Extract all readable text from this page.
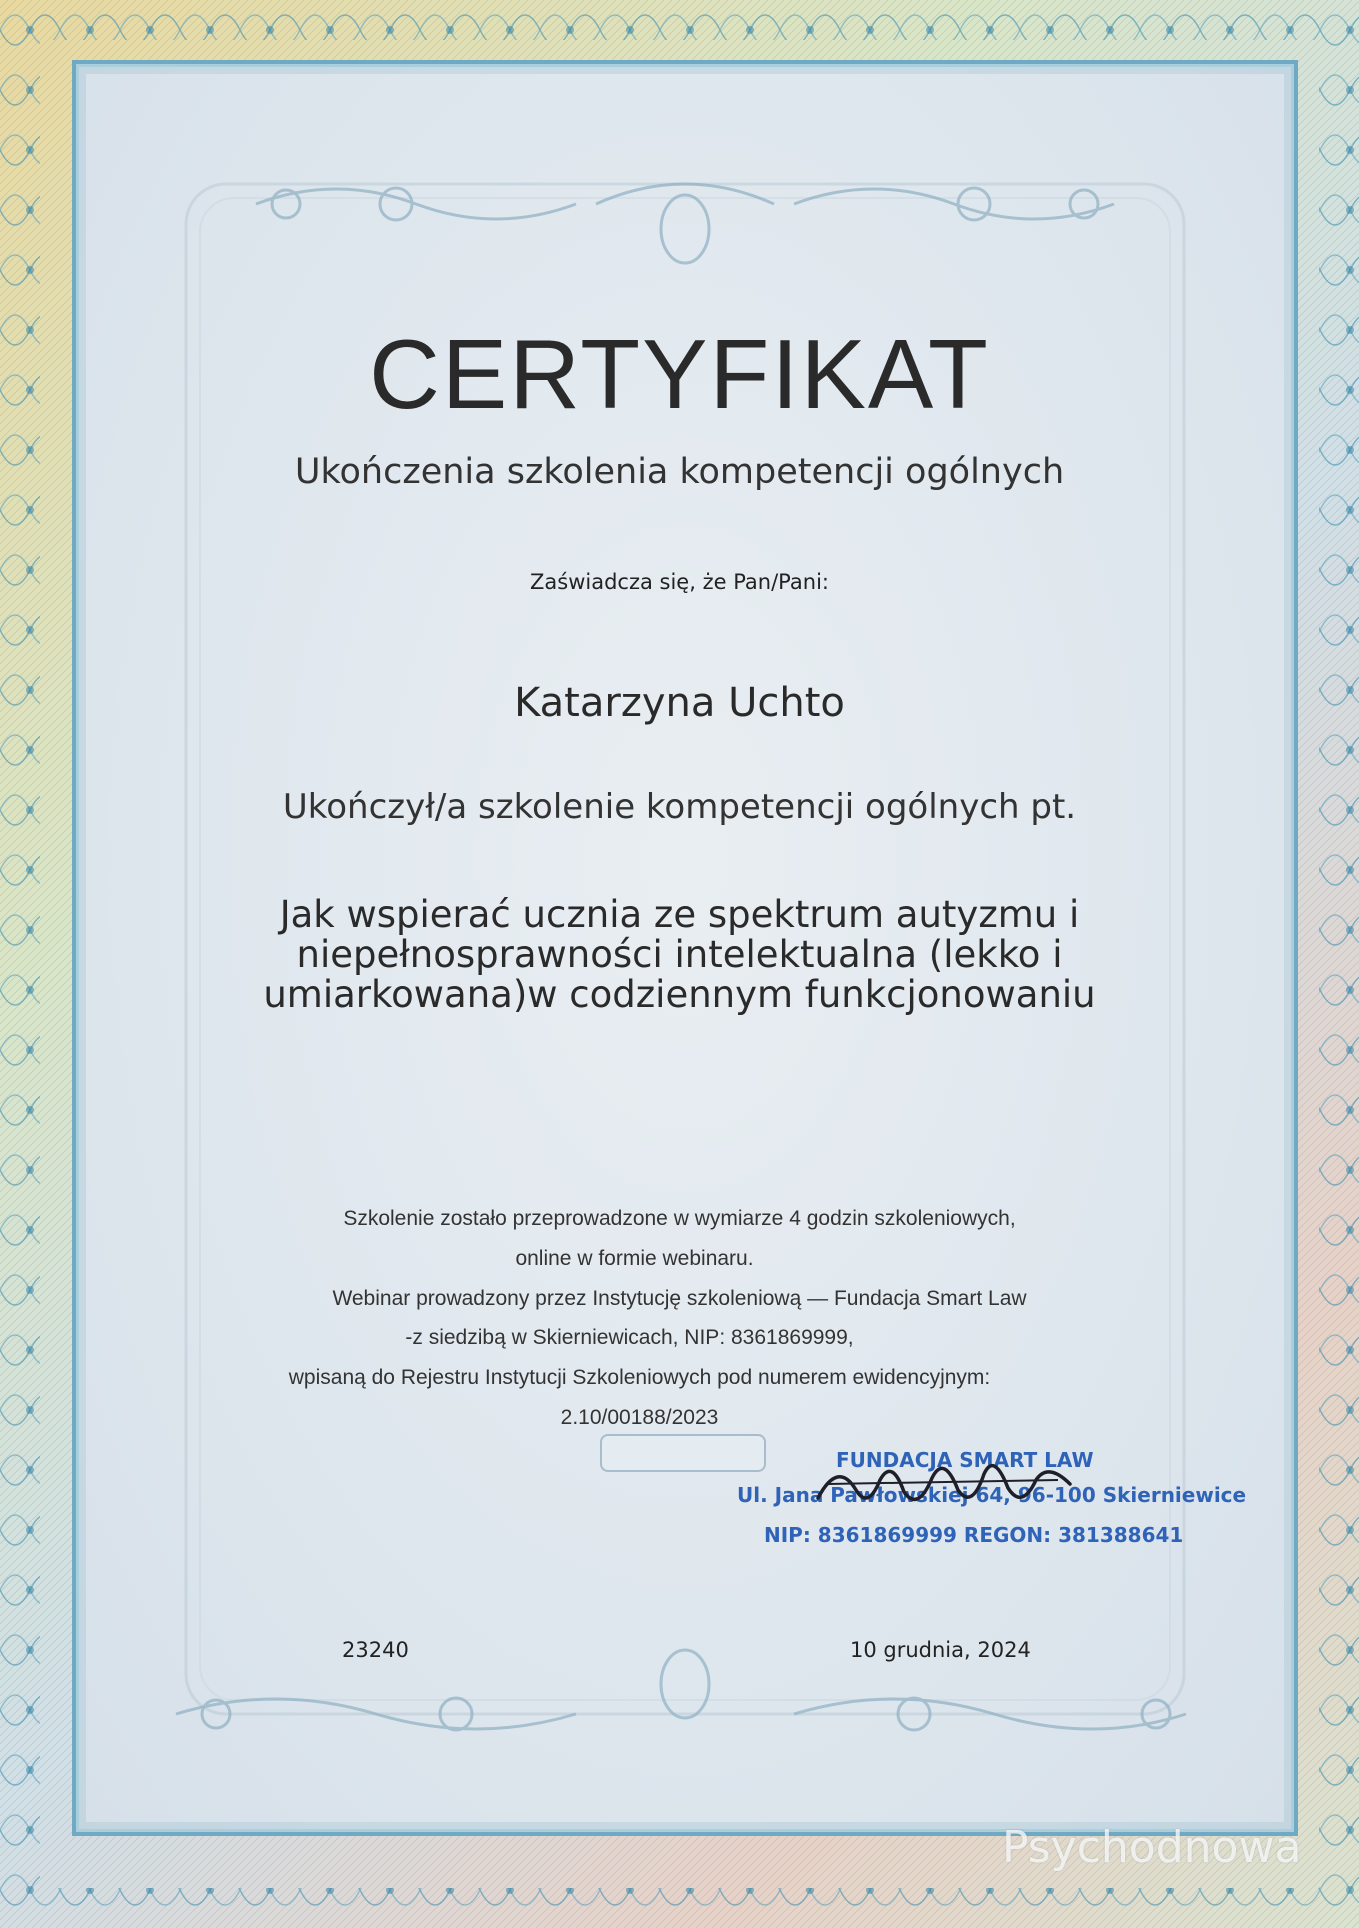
CERTYFIKAT
Ukończenia szkolenia kompetencji ogólnych
Zaświadcza się, że Pan/Pani:
Katarzyna Uchto
Ukończył/a szkolenie kompetencji ogólnych pt.
Jak wspierać ucznia ze spektrum autyzmu i
niepełnosprawności intelektualna (lekko i
umiarkowana)w codziennym funkcjonowaniu
Szkolenie zostało przeprowadzone w wymiarze 4 godzin szkoleniowych,
online w formie webinaru.
Webinar prowadzony przez Instytucję szkoleniową — Fundacja Smart Law
-z siedzibą w Skierniewicach, NIP: 8361869999,
wpisaną do Rejestru Instytucji Szkoleniowych pod numerem ewidencyjnym:
2.10/00188/2023
FUNDACJA SMART LAW
Ul. Jana Pawłowskiej 64, 96-100 Skierniewice
NIP: 8361869999 REGON: 381388641
23240	10 grudnia, 2024
Psychodnowa
